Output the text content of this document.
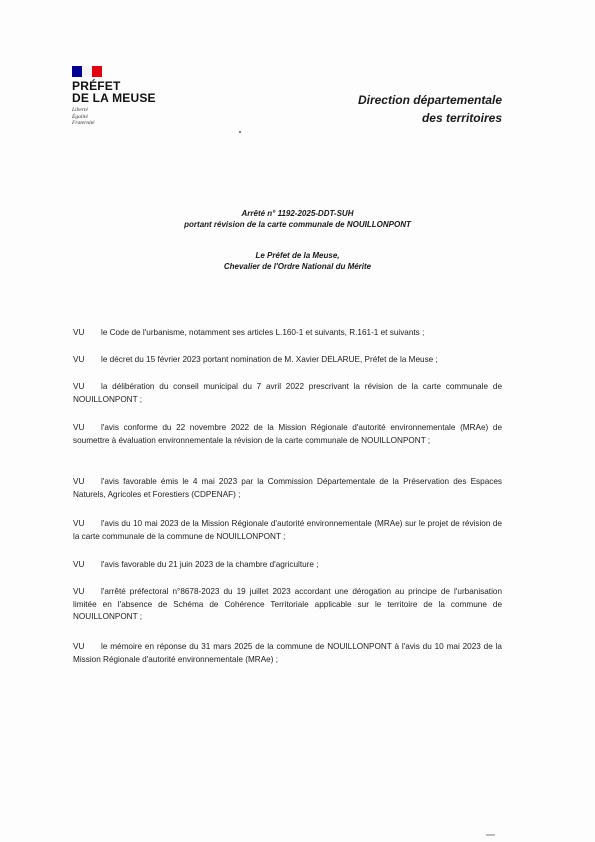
PRÉFET
DE LA MEUSE
Liberté
Égalité
Fraternité
Direction départementale
des territoires
Arrêté n° 1192-2025-DDT-SUH
portant révision de la carte communale de NOUILLONPONT
Le Préfet de la Meuse,
Chevalier de l'Ordre National du Mérite

VU le Code de l'urbanisme, notamment ses articles L.160-1 et suivants, R.161-1 et suivants ;

VU le décret du 15 février 2023 portant nomination de M. Xavier DELARUE, Préfet de la Meuse ;

VU la délibération du conseil municipal du 7 avril 2022 prescrivant la révision de la carte communale de NOUILLONPONT ;

VU l'avis conforme du 22 novembre 2022 de la Mission Régionale d'autorité environnementale (MRAe) de soumettre à évaluation environnementale la révision de la carte communale de NOUILLONPONT ;

VU l'avis favorable émis le 4 mai 2023 par la Commission Départementale de la Préservation des Espaces Naturels, Agricoles et Forestiers (CDPENAF) ;

VU l'avis du 10 mai 2023 de la Mission Régionale d'autorité environnementale (MRAe) sur le projet de révision de la carte communale de la commune de NOUILLONPONT ;

VU l'avis favorable du 21 juin 2023 de la chambre d'agriculture ;

VU l'arrêté préfectoral n°8678-2023 du 19 juillet 2023 accordant une dérogation au principe de l'urbanisation limitée en l'absence de Schéma de Cohérence Territoriale applicable sur le territoire de la commune de NOUILLONPONT ;

VU le mémoire en réponse du 31 mars 2025 de la commune de NOUILLONPONT à l'avis du 10 mai 2023 de la Mission Régionale d'autorité environnementale (MRAe) ;
